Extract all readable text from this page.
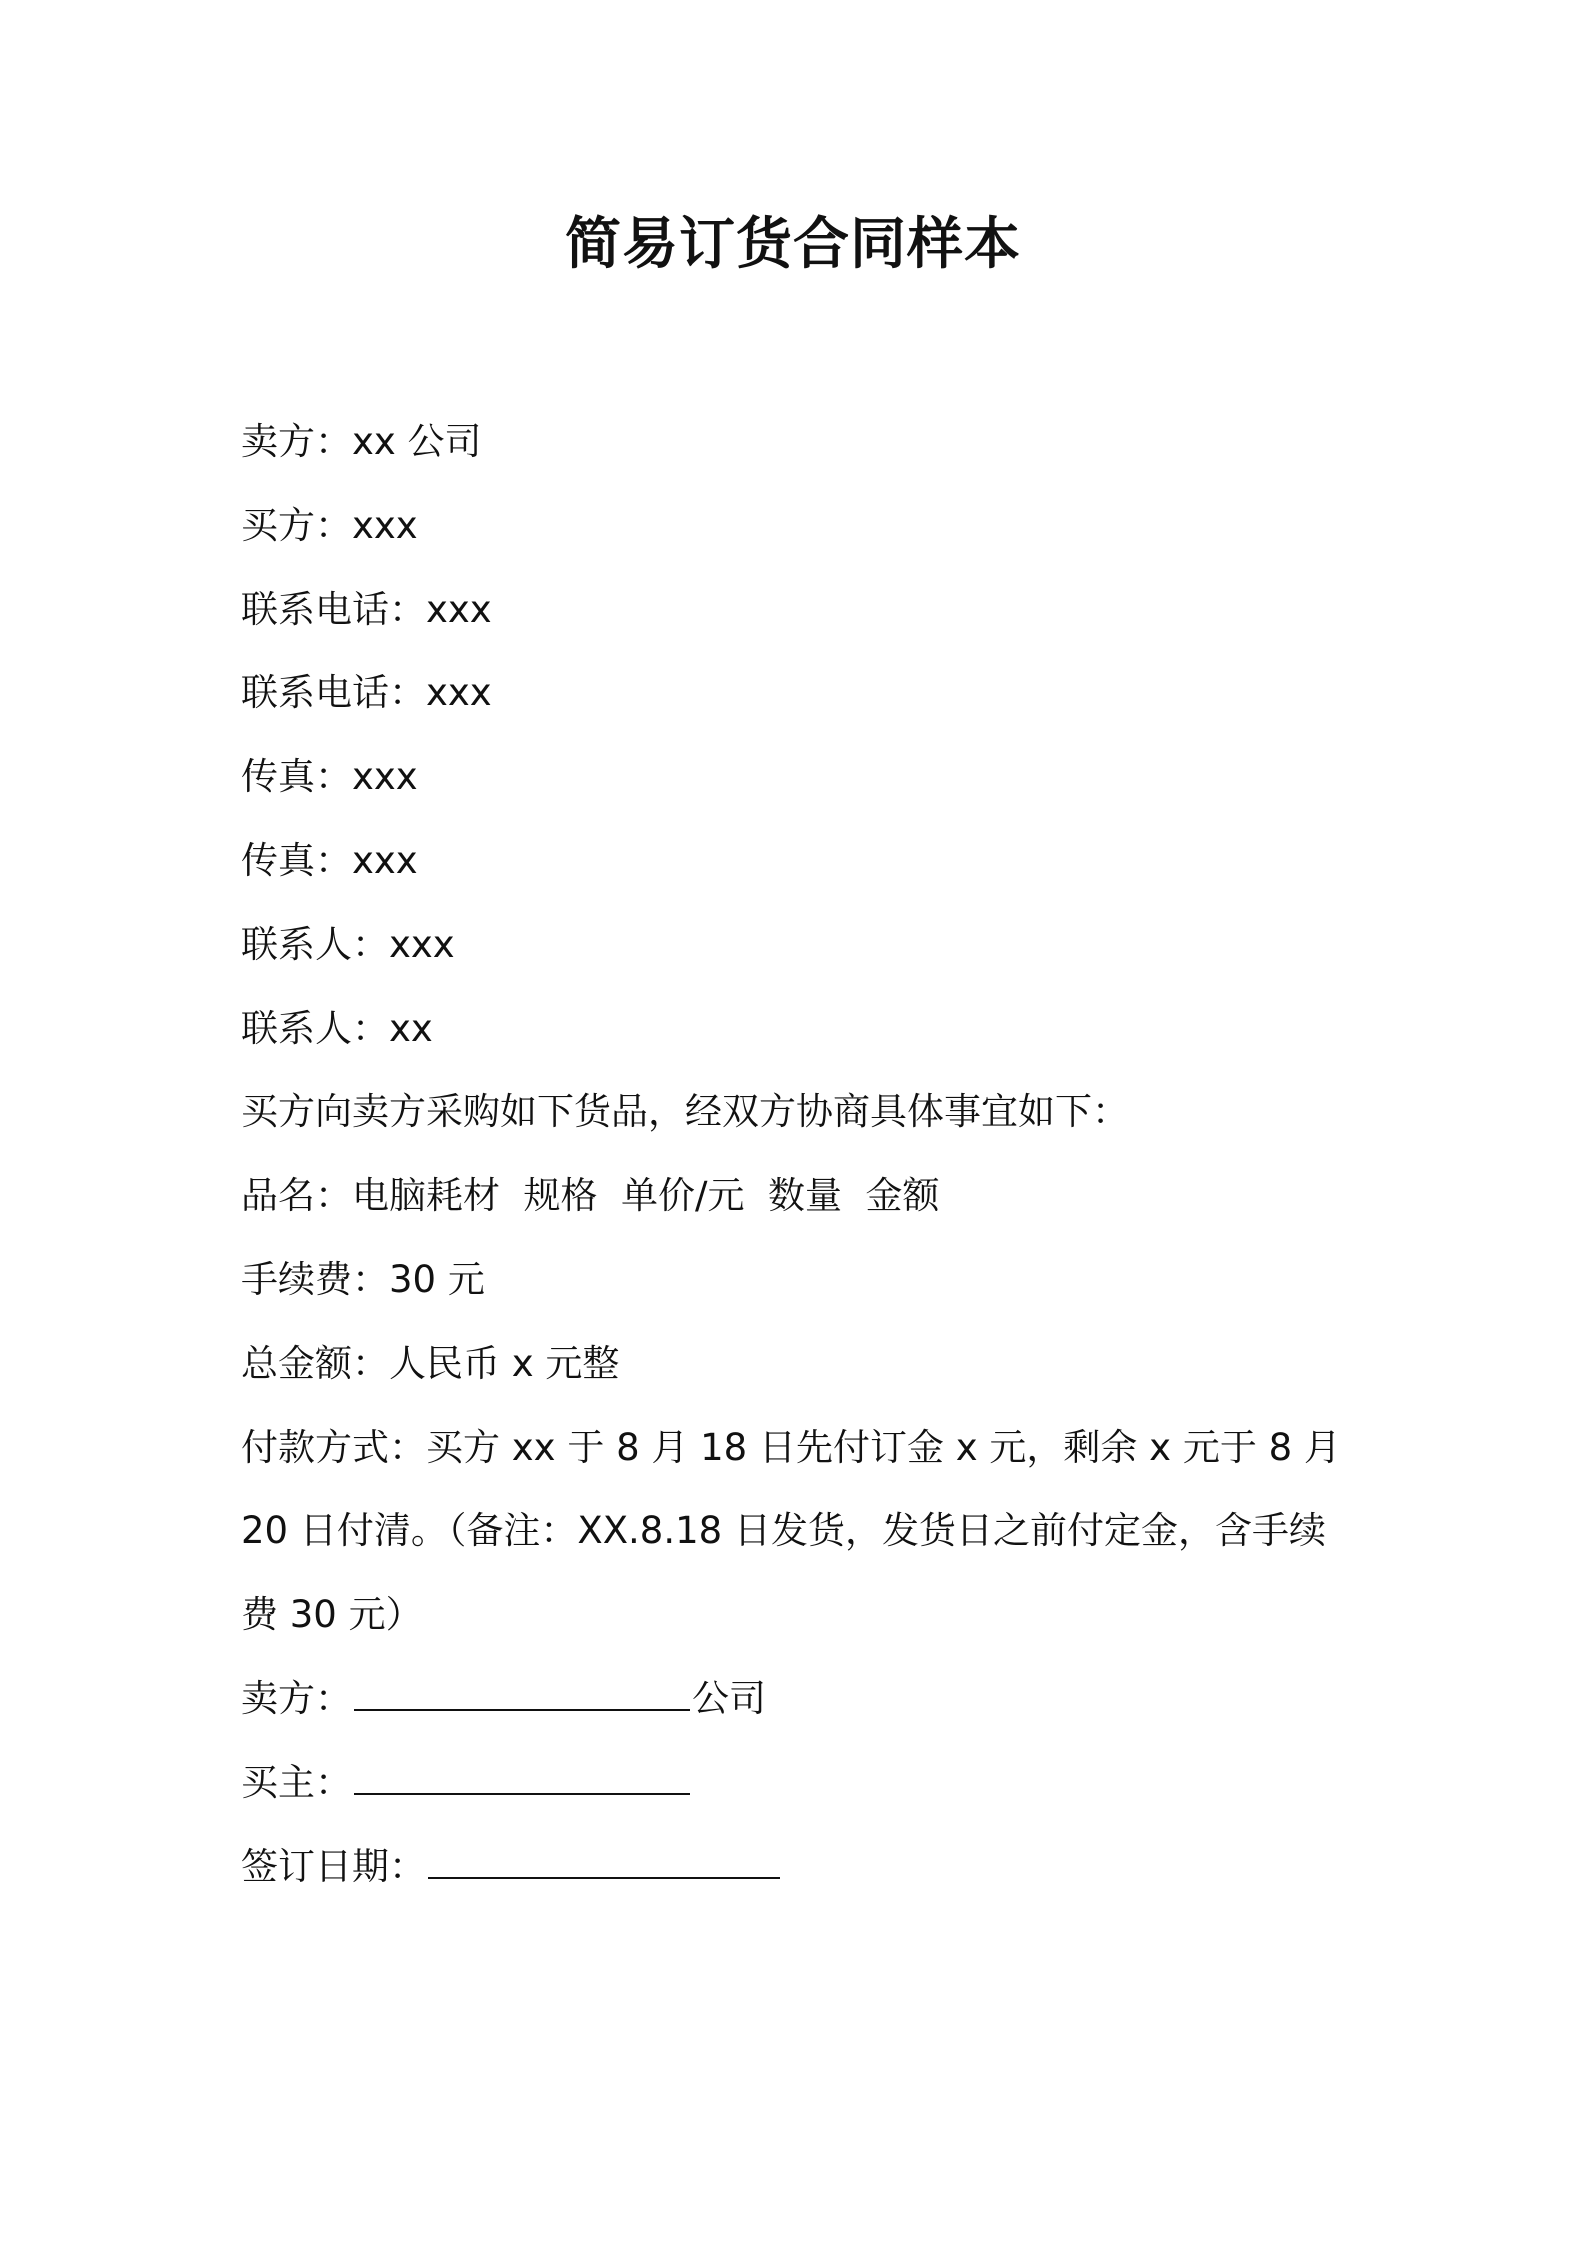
简易订货合同样本
卖方：xx 公司
买方：xxx
联系电话：xxx
联系电话：xxx
传真：xxx
传真：xxx
联系人：xxx
联系人：xx
买方向卖方采购如下货品，经双方协商具体事宜如下：
品名：电脑耗材  规格  单价/元  数量  金额
手续费：30 元
总金额：人民币 x 元整
付款方式：买方 xx 于 8 月 18 日先付订金 x 元，剩余 x 元于 8 月 20 日付清。（备注：XX.8.18 日发货，发货日之前付定金，含手续费 30 元）
卖方：	公司
买主：
签订日期：
